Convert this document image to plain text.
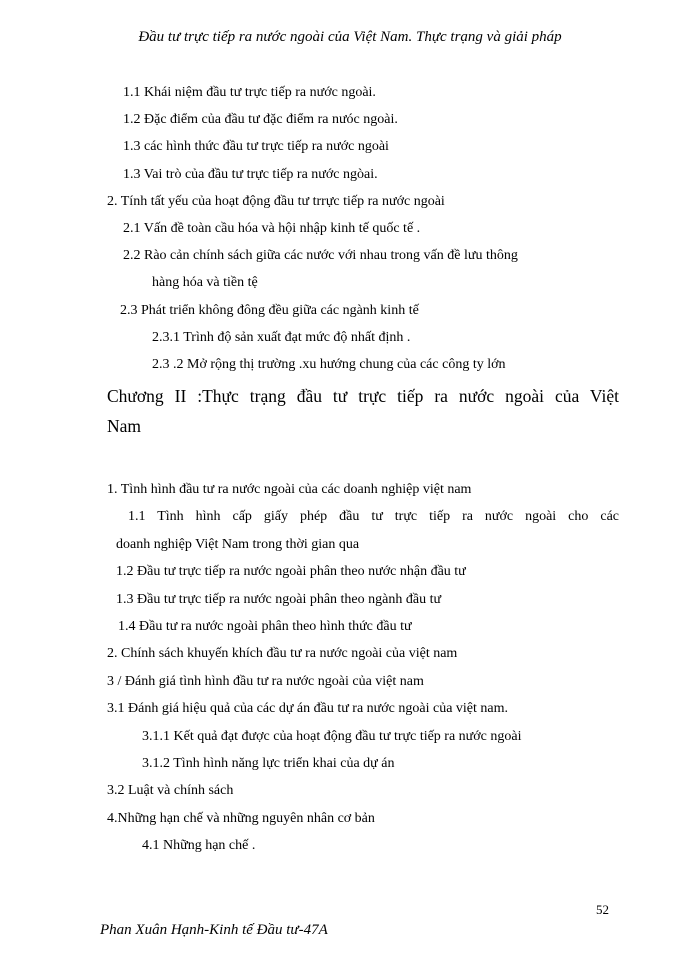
Đầu tư trực tiếp ra nước ngoài của Việt Nam. Thực trạng và giải pháp
1.1 Khái niệm đầu tư trực tiếp ra nước ngoài.
1.2 Đặc điểm của đầu tư đặc điểm ra nưóc ngoài.
1.3 các hình thức đầu tư trực tiếp ra nước ngoài
1.3 Vai trò của đầu tư trực tiếp ra nước ngòai.
2. Tính tất yếu của hoạt động đầu tư trrực tiếp ra nước ngoài
2.1 Vấn đề toàn cầu hóa và hội nhập kinh tế quốc tế .
2.2 Rào cản chính sách giữa các nước với nhau trong vấn đề lưu thông
hàng hóa và tiền tệ
2.3 Phát triển không đông đều giữa các ngành kinh tế
2.3.1 Trình độ sản xuất đạt mức độ nhất định .
2.3 .2 Mở rộng thị trường .xu hướng chung của các công ty lớn
Chương II :Thực trạng đầu tư trực tiếp ra nước ngoài của Việt
Nam
1. Tình hình đầu tư ra nước ngoài của các doanh nghiệp việt nam
1.1 Tình hình cấp giấy phép đầu tư trực tiếp ra nước ngoài cho các
doanh nghiệp Việt Nam trong thời gian qua
1.2 Đầu tư trực tiếp ra nước ngoài phân theo nước nhận đầu tư
1.3 Đầu tư trực tiếp ra nước ngoài phân theo ngành đầu tư
1.4 Đầu tư ra nước ngoài phân theo hình thức đầu tư
2. Chính sách khuyến khích đầu tư ra nước ngoài của việt nam
3 / Đánh giá tình hình đầu tư ra nước ngoài của việt nam
3.1 Đánh giá hiệu quả của các dự án đầu tư ra nước ngoài của việt nam.
3.1.1 Kết quả đạt được của hoạt động đầu tư trực tiếp ra nước ngoài
3.1.2 Tình hình năng lực triển khai của dự án
3.2 Luật và chính sách
4.Những hạn chế và những nguyên nhân cơ bản
4.1 Những hạn chế .
52
Phan Xuân Hạnh-Kinh tế Đầu tư-47A
